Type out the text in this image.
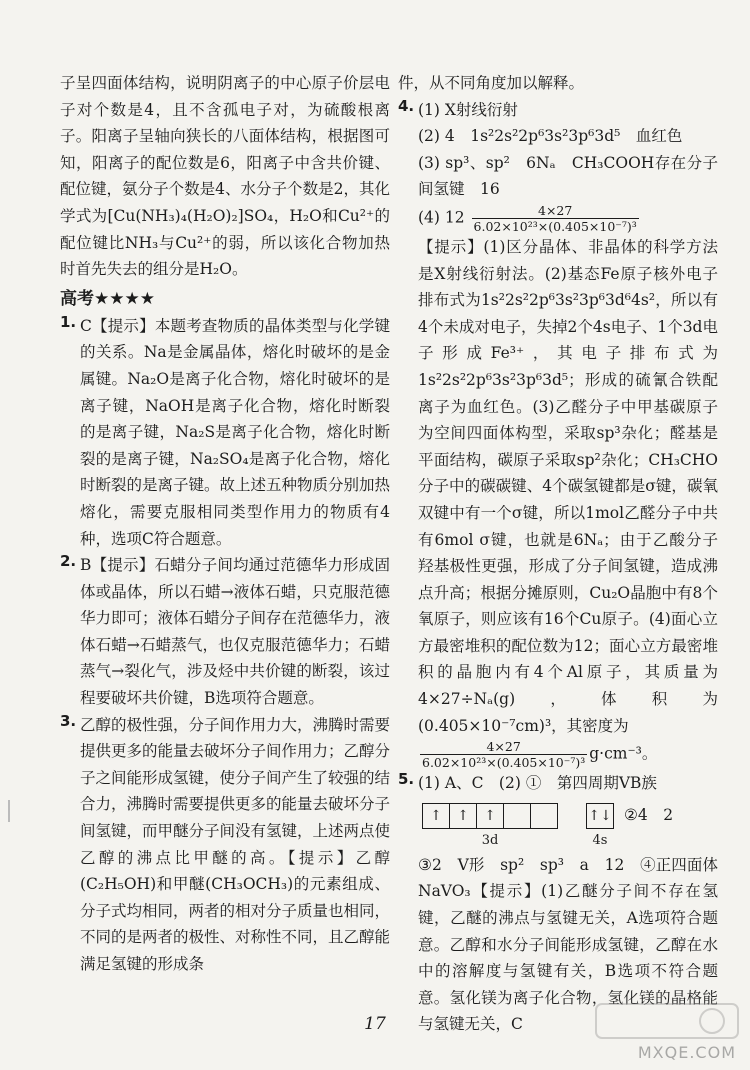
子呈四面体结构，说明阴离子的中心原子价层电子对个数是4，且不含孤电子对，为硫酸根离子。阳离子呈轴向狭长的八面体结构，根据图可知，阳离子的配位数是6，阳离子中含共价键、配位键，氨分子个数是4、水分子个数是2，其化学式为[Cu(NH₃)₄(H₂O)₂]SO₄，H₂O和Cu²⁺的配位键比NH₃与Cu²⁺的弱，所以该化合物加热时首先失去的组分是H₂O。

高考★★★★
1. C【提示】本题考查物质的晶体类型与化学键的关系。Na是金属晶体，熔化时破坏的是金属键。Na₂O是离子化合物，熔化时破坏的是离子键，NaOH是离子化合物，熔化时断裂的是离子键，Na₂S是离子化合物，熔化时断裂的是离子键，Na₂SO₄是离子化合物，熔化时断裂的是离子键。故上述五种物质分别加热熔化，需要克服相同类型作用力的物质有4种，选项C符合题意。

2. B【提示】石蜡分子间均通过范德华力形成固体或晶体，所以石蜡→液体石蜡，只克服范德华力即可；液体石蜡分子间存在范德华力，液体石蜡→石蜡蒸气，也仅克服范德华力；石蜡蒸气→裂化气，涉及烃中共价键的断裂，该过程要破坏共价键，B选项符合题意。

3. 乙醇的极性强，分子间作用力大，沸腾时需要提供更多的能量去破坏分子间作用力；乙醇分子之间能形成氢键，使分子间产生了较强的结合力，沸腾时需要提供更多的能量去破坏分子间氢键，而甲醚分子间没有氢键，上述两点使乙醇的沸点比甲醚的高。【提示】乙醇(C₂H₅OH)和甲醚(CH₃OCH₃)的元素组成、分子式均相同，两者的相对分子质量也相同，不同的是两者的极性、对称性不同，且乙醇能满足氢键的形成条

件，从不同角度加以解释。

4. (1) X射线衍射

(2) 4　1s²2s²2p⁶3s²3p⁶3d⁵　血红色

(3) sp³、sp²　6Nₐ　CH₃COOH存在分子间氢键　16

(4) $12 \frac{4\times 27}{\text{6.02×10²³×(0.405×10⁻⁷)³}}$

【提示】(1)区分晶体、非晶体的科学方法是X射线衍射法。(2)基态Fe原子核外电子排布式为1s²2s²2p⁶3s²3p⁶3d⁶4s²，所以有4个未成对电子，失掉2个4s电子、1个3d电子形成Fe³⁺，其电子排布式为1s²2s²2p⁶3s²3p⁶3d⁵；形成的硫氰合铁配离子为血红色。(3)乙醛分子中甲基碳原子为空间四面体构型，采取sp³杂化；醛基是平面结构，碳原子采取sp²杂化；CH₃CHO分子中的碳碳键、4个碳氢键都是σ键，碳氧双键中有一个σ键，所以1mol乙醛分子中共有6mol σ键，也就是6Nₐ；由于乙酸分子羟基极性更强，形成了分子间氢键，造成沸点升高；根据分摊原则，Cu₂O晶胞中有8个氧原子，则应该有16个Cu原子。(4)面心立方最密堆积的配位数为12；面心立方最密堆积的晶胞内有4个Al原子，其质量为4×27÷Nₐ(g)，体积为(0.405×10⁻⁷cm)³，其密度为

$\frac{4\times 27}{\text{6.02×10²³×(0.405×10⁻⁷)³}} g\cdot cm^{-3}$。

5. (1) A、C　(2) ①　第四周期ⅤB族

↑	↑	↑
3d
↑↓
4s
②4　2

③2　V形　sp²　sp³　a　12　④正四面体　NaVO₃【提示】(1)乙醚分子间不存在氢键，乙醚的沸点与氢键无关，A选项符合题意。乙醇和水分子间能形成氢键，乙醇在水中的溶解度与氢键有关，B选项不符合题意。氢化镁为离子化合物，氢化镁的晶格能与氢键无关，C

17
MXQE.COM
